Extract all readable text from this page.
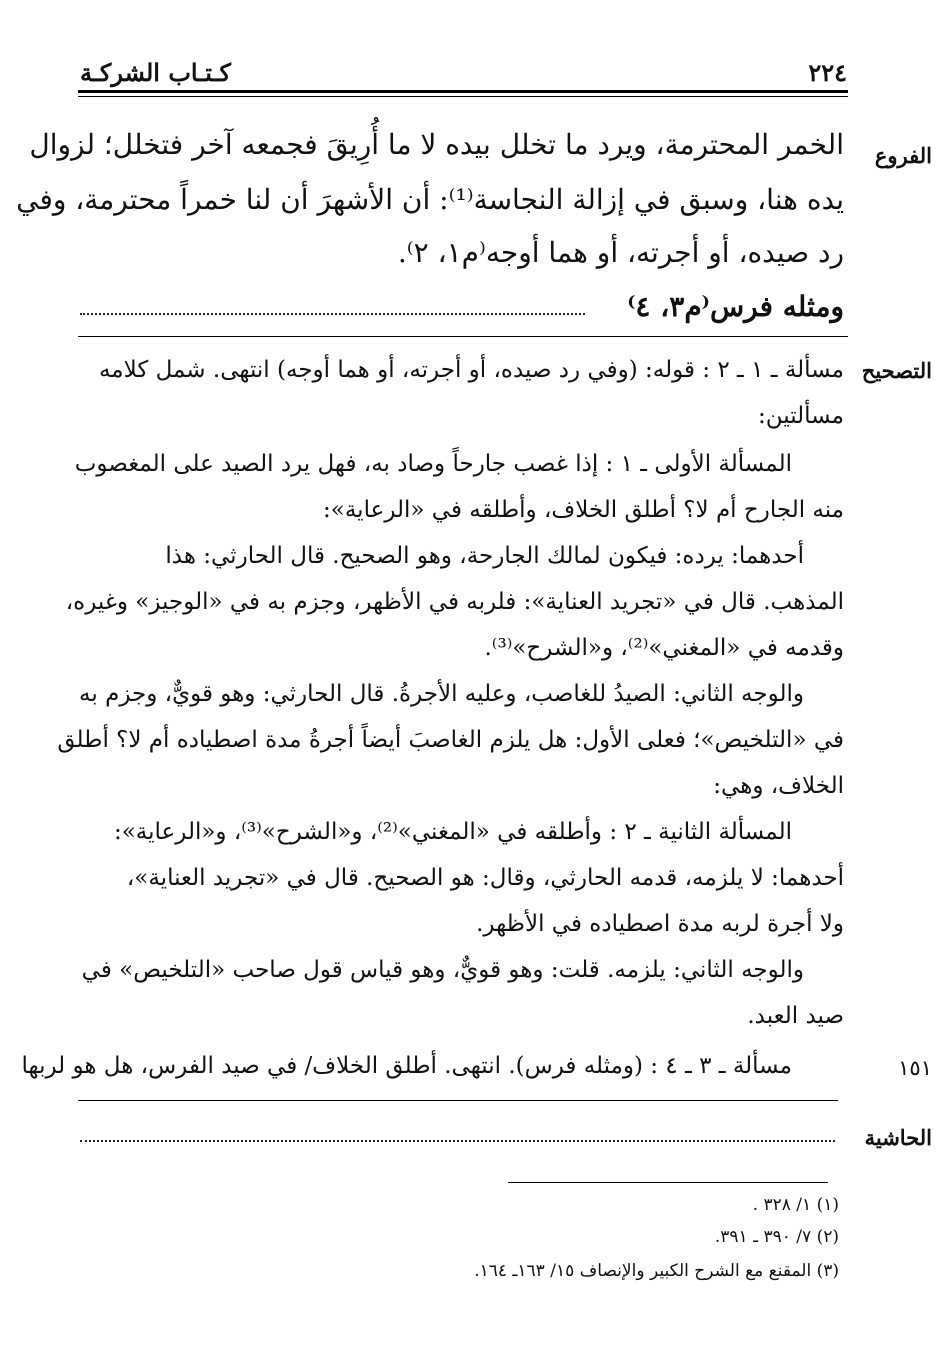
٢٢٤
كـتـاب الشركـة
الفروع
الخمر المحترمة، ويرد ما تخلل بيده لا ما أُرِيقَ فجمعه آخر فتخلل؛ لزوال
يده هنا، وسبق في إزالة النجاسة⁽¹⁾: أن الأشهرَ أن لنا خمراً محترمة، وفي
رد صيده، أو أجرته، أو هما أوجه⁽م١، ٢⁾.
ومثله فرس⁽م٣، ٤⁾
التصحيح
مسألة ـ ١ ـ ٢ : قوله: (وفي رد صيده، أو أجرته، أو هما أوجه) انتهى. شمل كلامه
مسألتين:
المسألة الأولى ـ ١ : إذا غصب جارحاً وصاد به، فهل يرد الصيد على المغصوب
منه الجارح أم لا؟ أطلق الخلاف، وأطلقه في «الرعاية»:
أحدهما: يرده: فيكون لمالك الجارحة، وهو الصحيح. قال الحارثي: هذا
المذهب. قال في «تجريد العناية»: فلربه في الأظهر، وجزم به في «الوجيز» وغيره،
وقدمه في «المغني»⁽²⁾، و«الشرح»⁽³⁾.
والوجه الثاني: الصيدُ للغاصب، وعليه الأجرةُ. قال الحارثي: وهو قويٌّ، وجزم به
في «التلخيص»؛ فعلى الأول: هل يلزم الغاصبَ أيضاً أجرةُ مدة اصطياده أم لا؟ أطلق
الخلاف، وهي:
المسألة الثانية ـ ٢ : وأطلقه في «المغني»⁽²⁾، و«الشرح»⁽³⁾، و«الرعاية»:
أحدهما: لا يلزمه، قدمه الحارثي، وقال: هو الصحيح. قال في «تجريد العناية»،
ولا أجرة لربه مدة اصطياده في الأظهر.
والوجه الثاني: يلزمه. قلت: وهو قويٌّ، وهو قياس قول صاحب «التلخيص» في
صيد العبد.
مسألة ـ ٣ ـ ٤ : (ومثله فرس). انتهى. أطلق الخلاف/ في صيد الفرس، هل هو لربها	١٥١
الحاشية
(١) ١/ ٣٢٨ .
(٢) ٧/ ٣٩٠ ـ ٣٩١.
(٣) المقنع مع الشرح الكبير والإنصاف ١٥/ ١٦٣ـ ١٦٤.
